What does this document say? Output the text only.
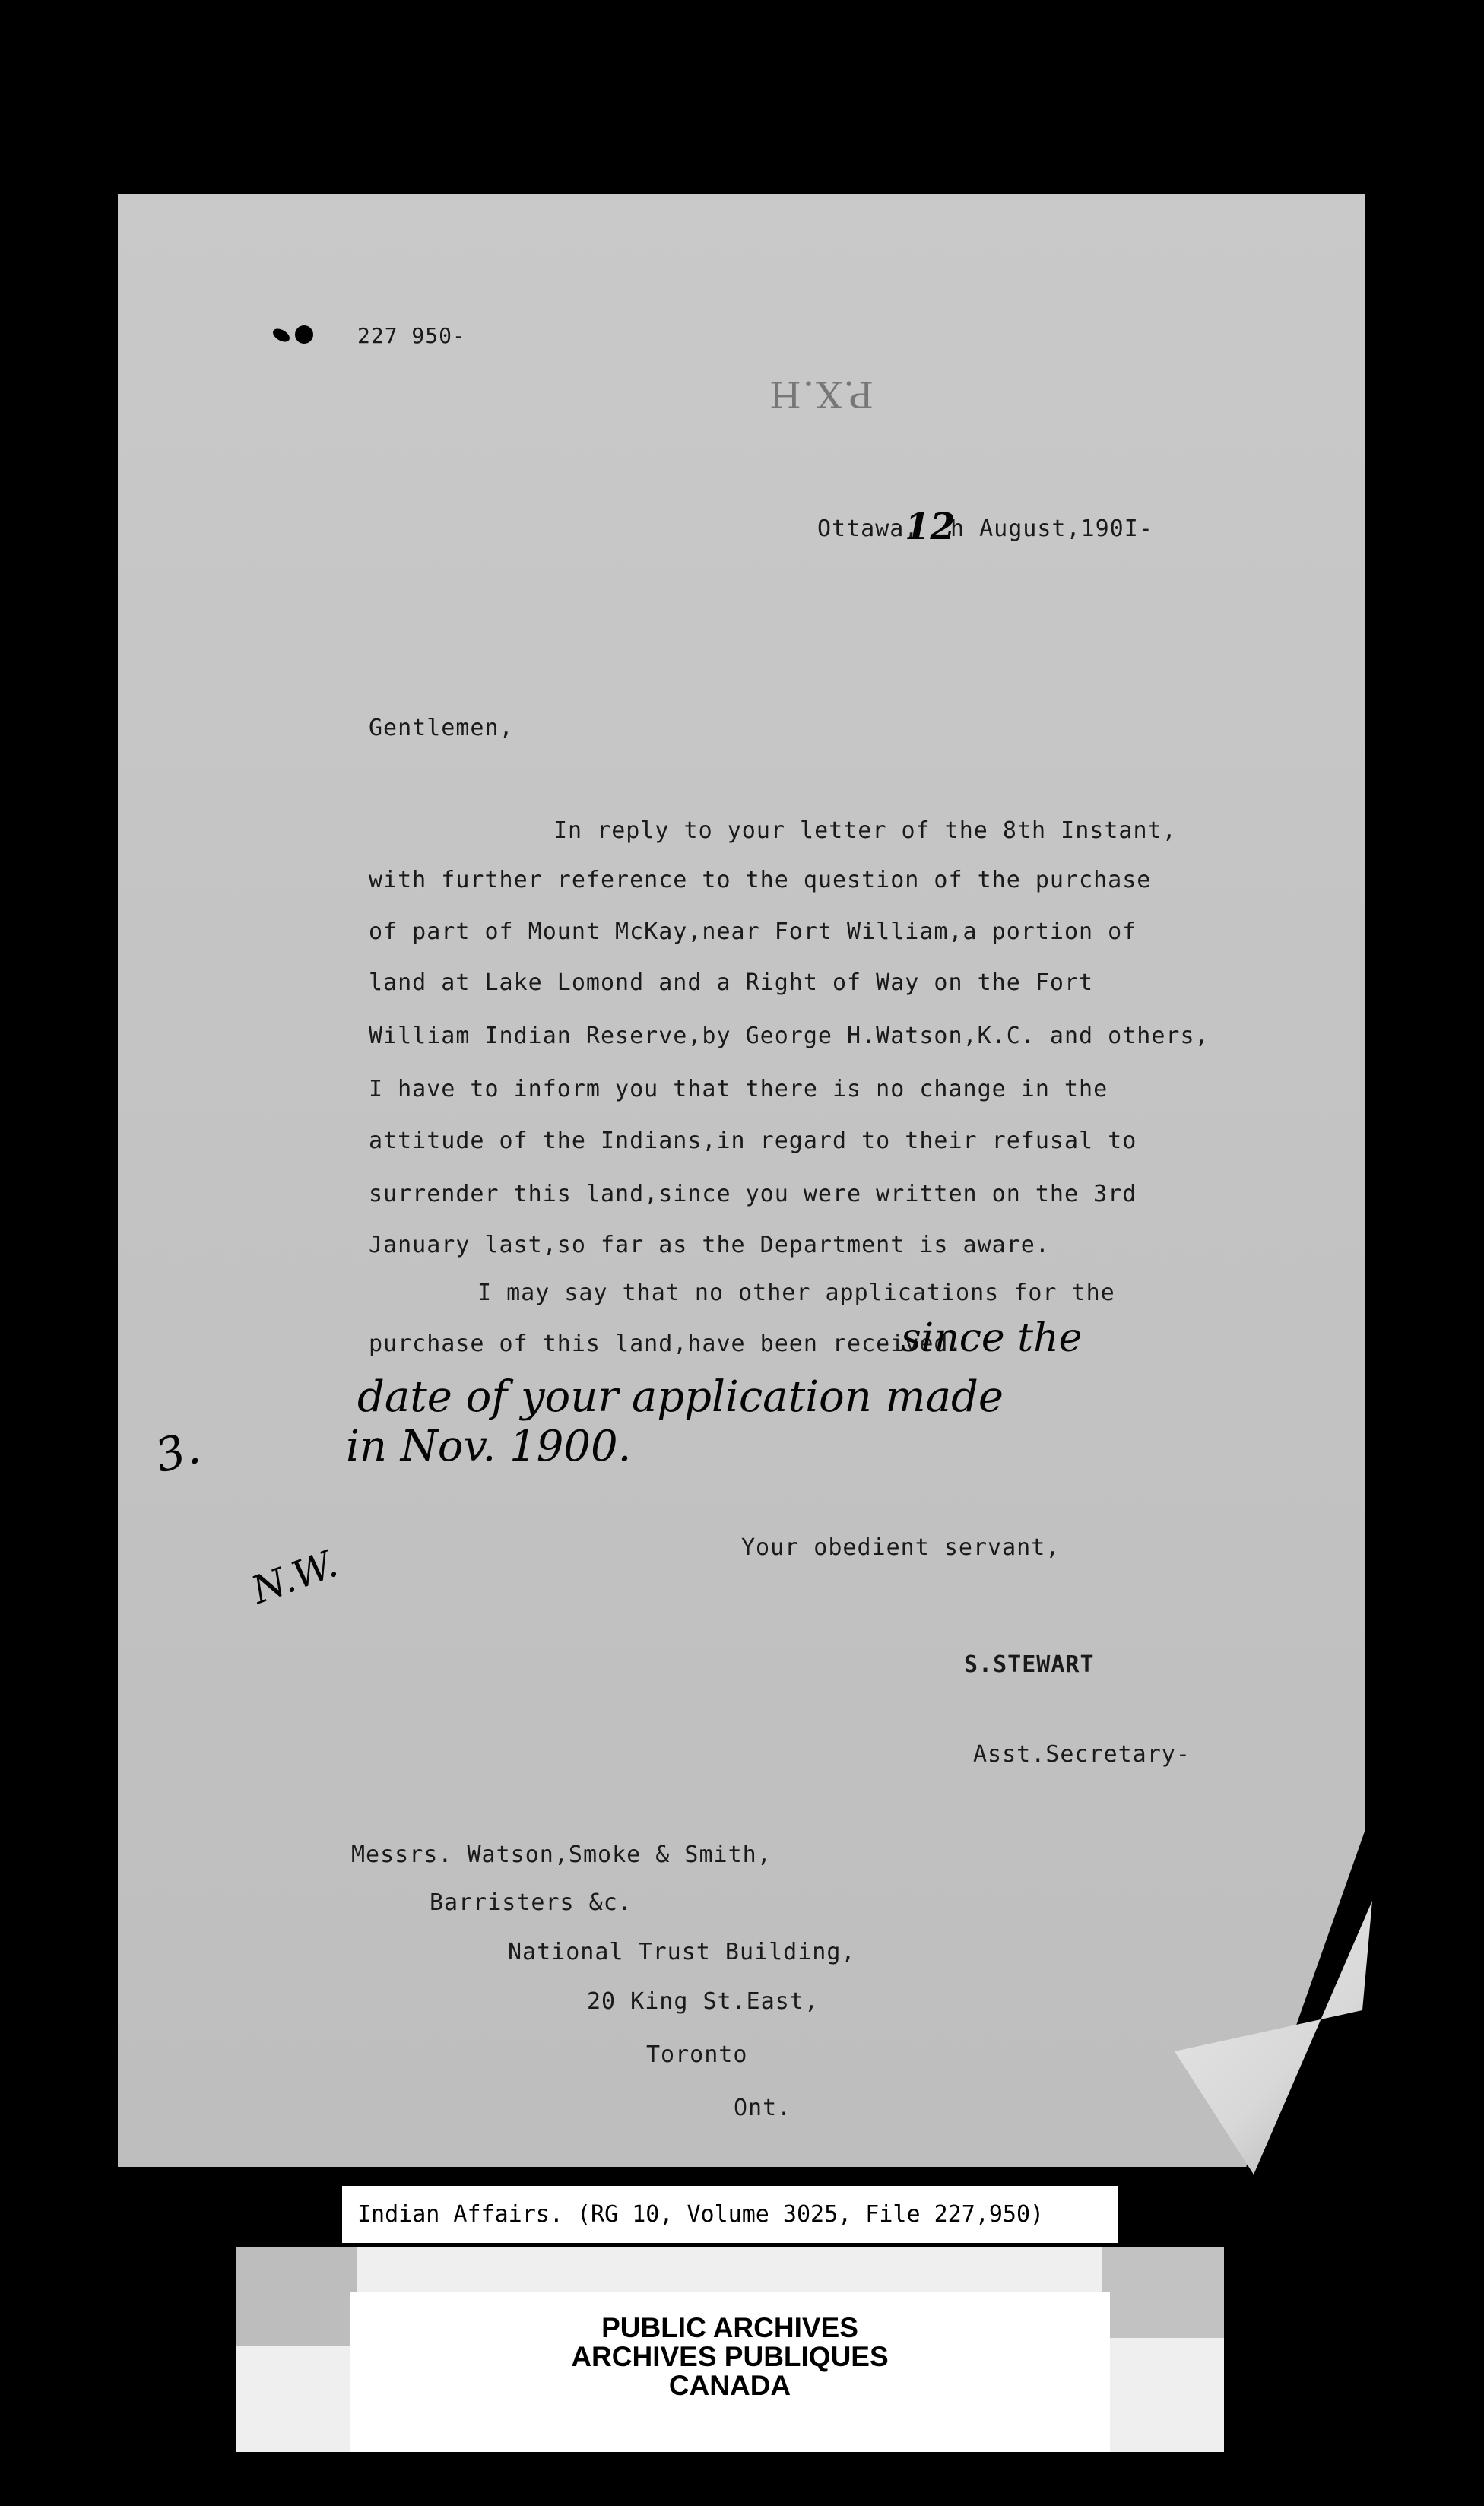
227 950-
P.X.H
Ottawa,
12
h August,190I-
Gentlemen,
In reply to your letter of the 8th Instant,
with further reference to the question of the purchase
of part of Mount McKay,near Fort William,a portion of
land at Lake Lomond and a Right of Way on the Fort
William Indian Reserve,by George H.Watson,K.C. and others,
I have to inform you that there is no change in the
attitude of the Indians,in regard to their refusal to
surrender this land,since you were written on the 3rd
January last,so far as the Department is aware.
I may say that no other applications for the
purchase of this land,have been received.
since the
date of your application made
in Nov. 1900.
3.
N.W.	Your obedient servant,
S.STEWART
Asst.Secretary-
Messrs. Watson,Smoke & Smith,
Barristers &c.
National Trust Building,
20 King St.East,
Toronto
Ont.
Indian Affairs. (RG 10, Volume 3025, File 227,950)
PUBLIC ARCHIVES
ARCHIVES PUBLIQUES
CANADA
